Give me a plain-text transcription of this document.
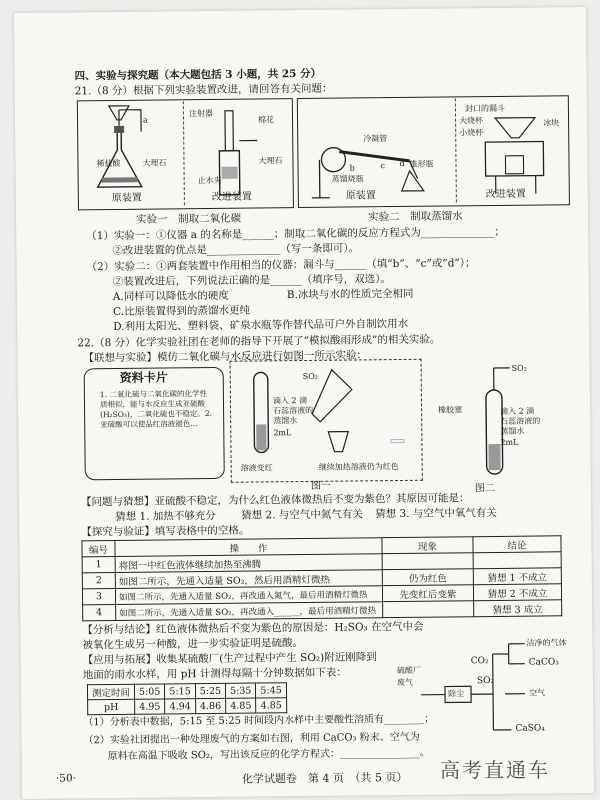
四、实验与探究题（本大题包括 3 小题，共 25 分）
21.（8 分）根据下列实验装置改进，请回答有关问题：
稀盐酸	大理石
a
注射器
棉花
大理石
止水夹
原装置	改进装置
冷凝管
b	c d 锥形瓶
蒸馏烧瓶
封口的漏斗
大烧杯
小烧杯
冰块
原装置	改进装置
实验一　制取二氧化碳	实验二　制取蒸馏水
（1）实验一：①仪器 a 的名称是______；制取二氧化碳的反应方程式为______________；
②改进装置的优点是______________（写一条即可）。
（2）实验二：①两套装置中作用相当的仪器：漏斗与______（填“b”、“c”或“d”）；
②装置改进后，下列说法正确的是______（填序号，双选）。
A.同样可以降低水的硬度	B.冰块与水的性质完全相同
C.比原装置得到的蒸馏水更纯
D.利用太阳光、塑料袋、矿泉水瓶等作替代品可户外自制饮用水
22.（8 分）化学实验社团在老师的指导下开展了“模拟酸雨形成”的相关实验。
【联想与实验】模仿二氧化碳与水反应进行如图一所示实验：
资料卡片
1. 二氧化硫与二氧化碳的化学性质相似，能与水反应生成亚硫酸(H₂SO₃)，二氧化硫也不稳定。2. 亚硫酸可以使品红溶液褪色...
SO₂
滴入 2 滴
石蕊溶液的
蒸馏水
2mL
溶液变红	继续加热溶液仍为红色
图一
SO₂
橡胶塞	滴入 2 滴
石蕊溶液的
蒸馏水
2mL
图二
【问题与猜想】亚硫酸不稳定，为什么红色液体微热后不变为紫色？其原因可能是：
猜想 1. 加热不够充分 猜想 2. 与空气中氮气有关 猜想 3. 与空气中氧气有关
【探究与验证】填写表格中的空格。
编号	操　　作	现象	结论
1	将图一中红色液体继续加热至沸腾		
2	如图二所示，先通入适量 SO₂，然后用酒精灯微热	仍为红色	猜想 1 不成立
3	如图二所示，先通入适量 SO₂，再改通入氮气，最后用酒精灯微热	先变红后变紫	猜想 2 不成立
4	如图二所示，先通入适量 SO₂，再改通入______，最后用酒精灯微热		猜想 3 成立
【分析与结论】红色液体微热后不变为紫色的原因是：H₂SO₃ 在空气中会
被氧化生成另一种酸，进一步实验证明是硫酸。
【应用与拓展】收集某硫酸厂(生产过程中产生 SO₂)附近刚降到
地面的雨水水样，用 pH 计测得每隔十分钟数据如下表：
测定时间	5:05	5:15	5:25	5:35	5:45
pH	4.95	4.94	4.86	4.85	4.85
洁净的气体
CO₂	CaCO₃
SO₂
硫酸厂
废气
除尘	空气
CaSO₄
（1）分析表中数据，5:15 至 5:25 时间段内水样中主要酸性溶质有________；
（2）实验社团提出一种处理废气的方案如右图，利用 CaCO₃ 粉末、空气为
原料在高温下吸收 SO₂，写出该反应的化学方程式：________________。
·50·	化学试题卷　第 4 页　（共 5 页） 高考直通车
